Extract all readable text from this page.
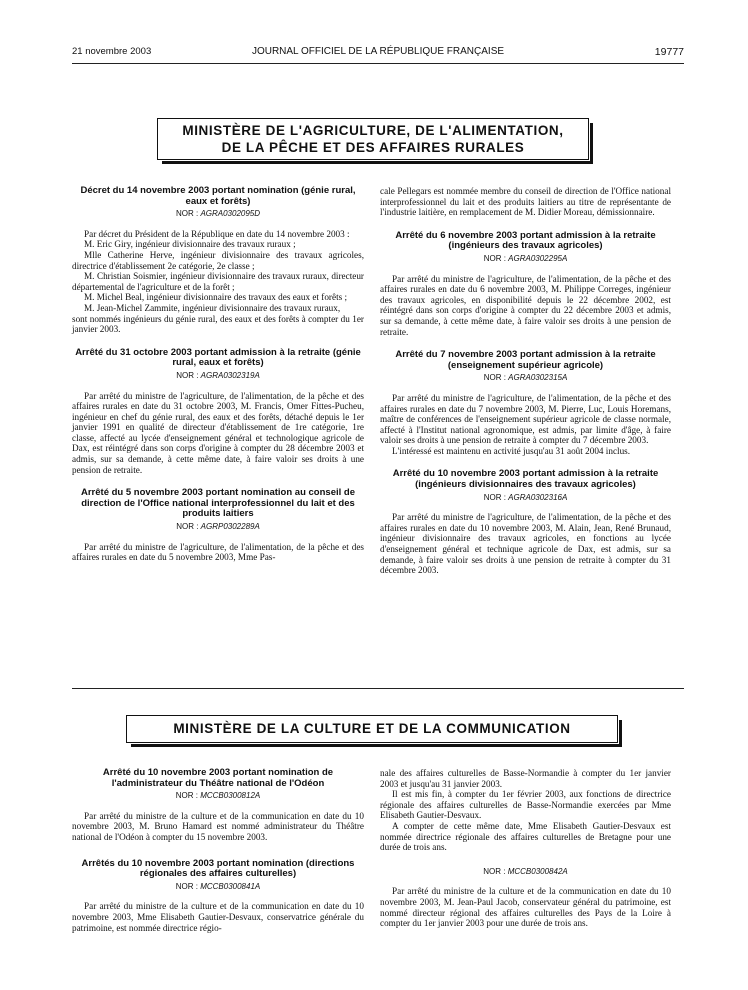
21 novembre 2003	JOURNAL OFFICIEL DE LA RÉPUBLIQUE FRANÇAISE	19777
MINISTÈRE DE L'AGRICULTURE, DE L'ALIMENTATION,
DE LA PÊCHE ET DES AFFAIRES RURALES

Décret du 14 novembre 2003 portant nomination (génie rural, eaux et forêts)

NOR : AGRA0302095D

Par décret du Président de la République en date du 14 novembre 2003 :

M. Eric Giry, ingénieur divisionnaire des travaux ruraux ;

Mlle Catherine Herve, ingénieur divisionnaire des travaux agricoles, directrice d'établissement 2e catégorie, 2e classe ;

M. Christian Soismier, ingénieur divisionnaire des travaux ruraux, directeur départemental de l'agriculture et de la forêt ;

M. Michel Beal, ingénieur divisionnaire des travaux des eaux et forêts ;

M. Jean-Michel Zammite, ingénieur divisionnaire des travaux ruraux,

sont nommés ingénieurs du génie rural, des eaux et des forêts à compter du 1er janvier 2003.

Arrêté du 31 octobre 2003 portant admission à la retraite (génie rural, eaux et forêts)

NOR : AGRA0302319A

Par arrêté du ministre de l'agriculture, de l'alimentation, de la pêche et des affaires rurales en date du 31 octobre 2003, M. Francis, Omer Fittes-Pucheu, ingénieur en chef du génie rural, des eaux et des forêts, détaché depuis le 1er janvier 1991 en qualité de directeur d'établissement de 1re catégorie, 1re classe, affecté au lycée d'enseignement général et technologique agricole de Dax, est réintégré dans son corps d'origine à compter du 28 décembre 2003 et admis, sur sa demande, à cette même date, à faire valoir ses droits à une pension de retraite.

Arrêté du 5 novembre 2003 portant nomination au conseil de direction de l'Office national interprofessionnel du lait et des produits laitiers

NOR : AGRP0302289A

Par arrêté du ministre de l'agriculture, de l'alimentation, de la pêche et des affaires rurales en date du 5 novembre 2003, Mme Pas-

cale Pellegars est nommée membre du conseil de direction de l'Office national interprofessionnel du lait et des produits laitiers au titre de représentante de l'industrie laitière, en remplacement de M. Didier Moreau, démissionnaire.

Arrêté du 6 novembre 2003 portant admission à la retraite (ingénieurs des travaux agricoles)

NOR : AGRA0302295A

Par arrêté du ministre de l'agriculture, de l'alimentation, de la pêche et des affaires rurales en date du 6 novembre 2003, M. Philippe Correges, ingénieur des travaux agricoles, en disponibilité depuis le 22 décembre 2002, est réintégré dans son corps d'origine à compter du 22 décembre 2003 et admis, sur sa demande, à cette même date, à faire valoir ses droits à une pension de retraite.

Arrêté du 7 novembre 2003 portant admission à la retraite (enseignement supérieur agricole)

NOR : AGRA0302315A

Par arrêté du ministre de l'agriculture, de l'alimentation, de la pêche et des affaires rurales en date du 7 novembre 2003, M. Pierre, Luc, Louis Horemans, maître de conférences de l'enseignement supérieur agricole de classe normale, affecté à l'Institut national agronomique, est admis, par limite d'âge, à faire valoir ses droits à une pension de retraite à compter du 7 décembre 2003.

L'intéressé est maintenu en activité jusqu'au 31 août 2004 inclus.

Arrêté du 10 novembre 2003 portant admission à la retraite (ingénieurs divisionnaires des travaux agricoles)

NOR : AGRA0302316A

Par arrêté du ministre de l'agriculture, de l'alimentation, de la pêche et des affaires rurales en date du 10 novembre 2003, M. Alain, Jean, René Brunaud, ingénieur divisionnaire des travaux agricoles, en fonctions au lycée d'enseignement général et technique agricole de Dax, est admis, sur sa demande, à faire valoir ses droits à une pension de retraite à compter du 31 décembre 2003.

MINISTÈRE DE LA CULTURE ET DE LA COMMUNICATION

Arrêté du 10 novembre 2003 portant nomination de l'administrateur du Théâtre national de l'Odéon

NOR : MCCB0300812A

Par arrêté du ministre de la culture et de la communication en date du 10 novembre 2003, M. Bruno Hamard est nommé administrateur du Théâtre national de l'Odéon à compter du 15 novembre 2003.

Arrêtés du 10 novembre 2003 portant nomination (directions régionales des affaires culturelles)

NOR : MCCB0300841A

Par arrêté du ministre de la culture et de la communication en date du 10 novembre 2003, Mme Elisabeth Gautier-Desvaux, conservatrice générale du patrimoine, est nommée directrice régio-

nale des affaires culturelles de Basse-Normandie à compter du 1er janvier 2003 et jusqu'au 31 janvier 2003.

Il est mis fin, à compter du 1er février 2003, aux fonctions de directrice régionale des affaires culturelles de Basse-Normandie exercées par Mme Elisabeth Gautier-Desvaux.

A compter de cette même date, Mme Elisabeth Gautier-Desvaux est nommée directrice régionale des affaires culturelles de Bretagne pour une durée de trois ans.

NOR : MCCB0300842A

Par arrêté du ministre de la culture et de la communication en date du 10 novembre 2003, M. Jean-Paul Jacob, conservateur général du patrimoine, est nommé directeur régional des affaires culturelles des Pays de la Loire à compter du 1er janvier 2003 pour une durée de trois ans.
